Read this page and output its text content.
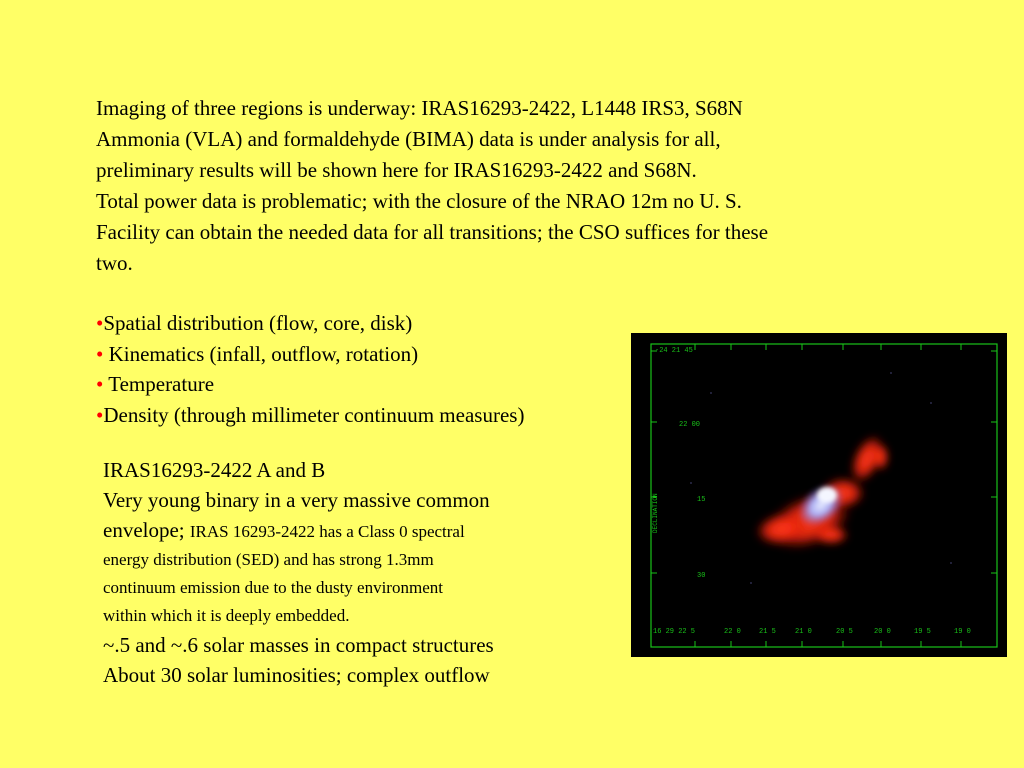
Imaging of three regions is underway: IRAS16293-2422, L1448 IRS3, S68N

Ammonia (VLA) and formaldehyde (BIMA) data is under analysis for all,

preliminary results will be shown here for IRAS16293-2422 and S68N.

Total power data is problematic; with the closure of the NRAO 12m no U. S.

Facility can obtain the needed data for all transitions; the CSO suffices for these

two.

•Spatial distribution (flow, core, disk)
• Kinematics (infall, outflow, rotation)
• Temperature
•Density (through millimeter continuum measures)
IRAS16293-2422 A and B
Very young binary in a very massive common
envelope; IRAS 16293-2422 has a Class 0 spectral
energy distribution (SED) and has strong 1.3mm
continuum emission due to the dusty environment
within which it is deeply embedded.
~.5 and ~.6 solar masses in compact structures
About 30 solar luminosities; complex outflow
-24 21 45
22 00
15
30
DECLINATION
16 29 22 5	22 0	21 5	21 0	20 5	20 0	19 5	19 0
